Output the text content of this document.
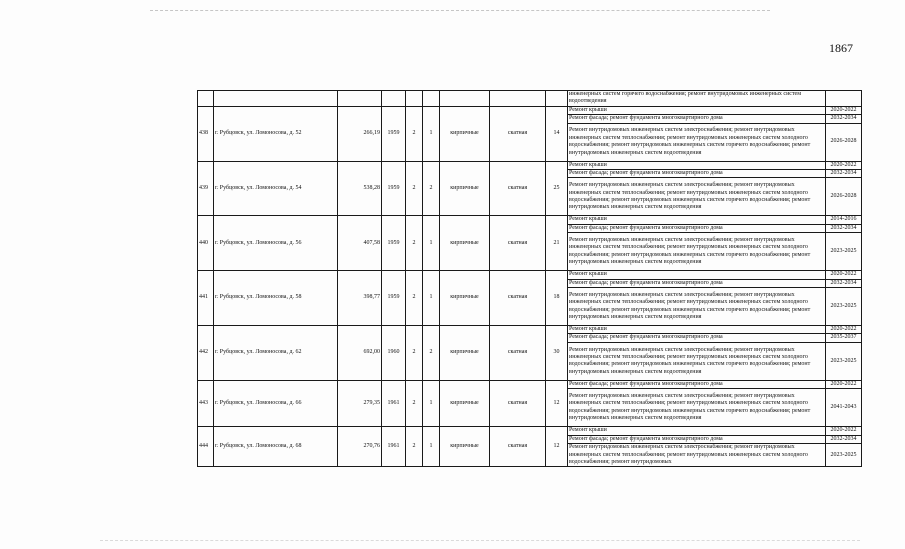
1867
									инженерных систем горячего водоснабжения; ремонт внутридомовых инженерных систем водоотведения	
438	г. Рубцовск, ул. Ломоносова, д. 52	266,19	1959	2	1	кирпичные	скатная	14	Ремонт крыши	2020-2022
									Ремонт фасада; ремонт фундамента многоквартирного дома	2032-2034
									Ремонт внутридомовых инженерных систем электроснабжения; ремонт внутридомовых инженерных систем теплоснабжения; ремонт внутридомовых инженерных систем холодного водоснабжения; ремонт внутридомовых инженерных систем горячего водоснабжения; ремонт внутридомовых инженерных систем водоотведения	2026-2028
439	г. Рубцовск, ул. Ломоносова, д. 54	538,28	1959	2	2	кирпичные	скатная	25	Ремонт крыши	2020-2022
									Ремонт фасада; ремонт фундамента многоквартирного дома	2032-2034
									Ремонт внутридомовых инженерных систем электроснабжения; ремонт внутридомовых инженерных систем теплоснабжения; ремонт внутридомовых инженерных систем холодного водоснабжения; ремонт внутридомовых инженерных систем горячего водоснабжения; ремонт внутридомовых инженерных систем водоотведения	2026-2028
440	г. Рубцовск, ул. Ломоносова, д. 56	407,58	1959	2	1	кирпичные	скатная	21	Ремонт крыши	2014-2016
									Ремонт фасада; ремонт фундамента многоквартирного дома	2032-2034
									Ремонт внутридомовых инженерных систем электроснабжения; ремонт внутридомовых инженерных систем теплоснабжения; ремонт внутридомовых инженерных систем холодного водоснабжения; ремонт внутридомовых инженерных систем горячего водоснабжения; ремонт внутридомовых инженерных систем водоотведения	2023-2025
441	г. Рубцовск, ул. Ломоносова, д. 58	398,77	1959	2	1	кирпичные	скатная	18	Ремонт крыши	2020-2022
									Ремонт фасада; ремонт фундамента многоквартирного дома	2032-2034
									Ремонт внутридомовых инженерных систем электроснабжения; ремонт внутридомовых инженерных систем теплоснабжения; ремонт внутридомовых инженерных систем холодного водоснабжения; ремонт внутридомовых инженерных систем горячего водоснабжения; ремонт внутридомовых инженерных систем водоотведения	2023-2025
442	г. Рубцовск, ул. Ломоносова, д. 62	692,00	1960	2	2	кирпичные	скатная	30	Ремонт крыши	2020-2022
									Ремонт фасада; ремонт фундамента многоквартирного дома	2035-2037
									Ремонт внутридомовых инженерных систем электроснабжения; ремонт внутридомовых инженерных систем теплоснабжения; ремонт внутридомовых инженерных систем холодного водоснабжения; ремонт внутридомовых инженерных систем горячего водоснабжения; ремонт внутридомовых инженерных систем водоотведения	2023-2025
443	г. Рубцовск, ул. Ломоносова, д. 66	279,35	1961	2	1	кирпичные	скатная	12	Ремонт фасада; ремонт фундамента многоквартирного дома	2020-2022
									Ремонт внутридомовых инженерных систем электроснабжения; ремонт внутридомовых инженерных систем теплоснабжения; ремонт внутридомовых инженерных систем холодного водоснабжения; ремонт внутридомовых инженерных систем горячего водоснабжения; ремонт внутридомовых инженерных систем водоотведения	2041-2043
444	г. Рубцовск, ул. Ломоносова, д. 68	270,76	1961	2	1	кирпичные	скатная	12	Ремонт крыши	2020-2022
									Ремонт фасада; ремонт фундамента многоквартирного дома	2032-2034
									Ремонт внутридомовых инженерных систем электроснабжения; ремонт внутридомовых инженерных систем теплоснабжения; ремонт внутридомовых инженерных систем холодного водоснабжения; ремонт внутридомовых	2023-2025
